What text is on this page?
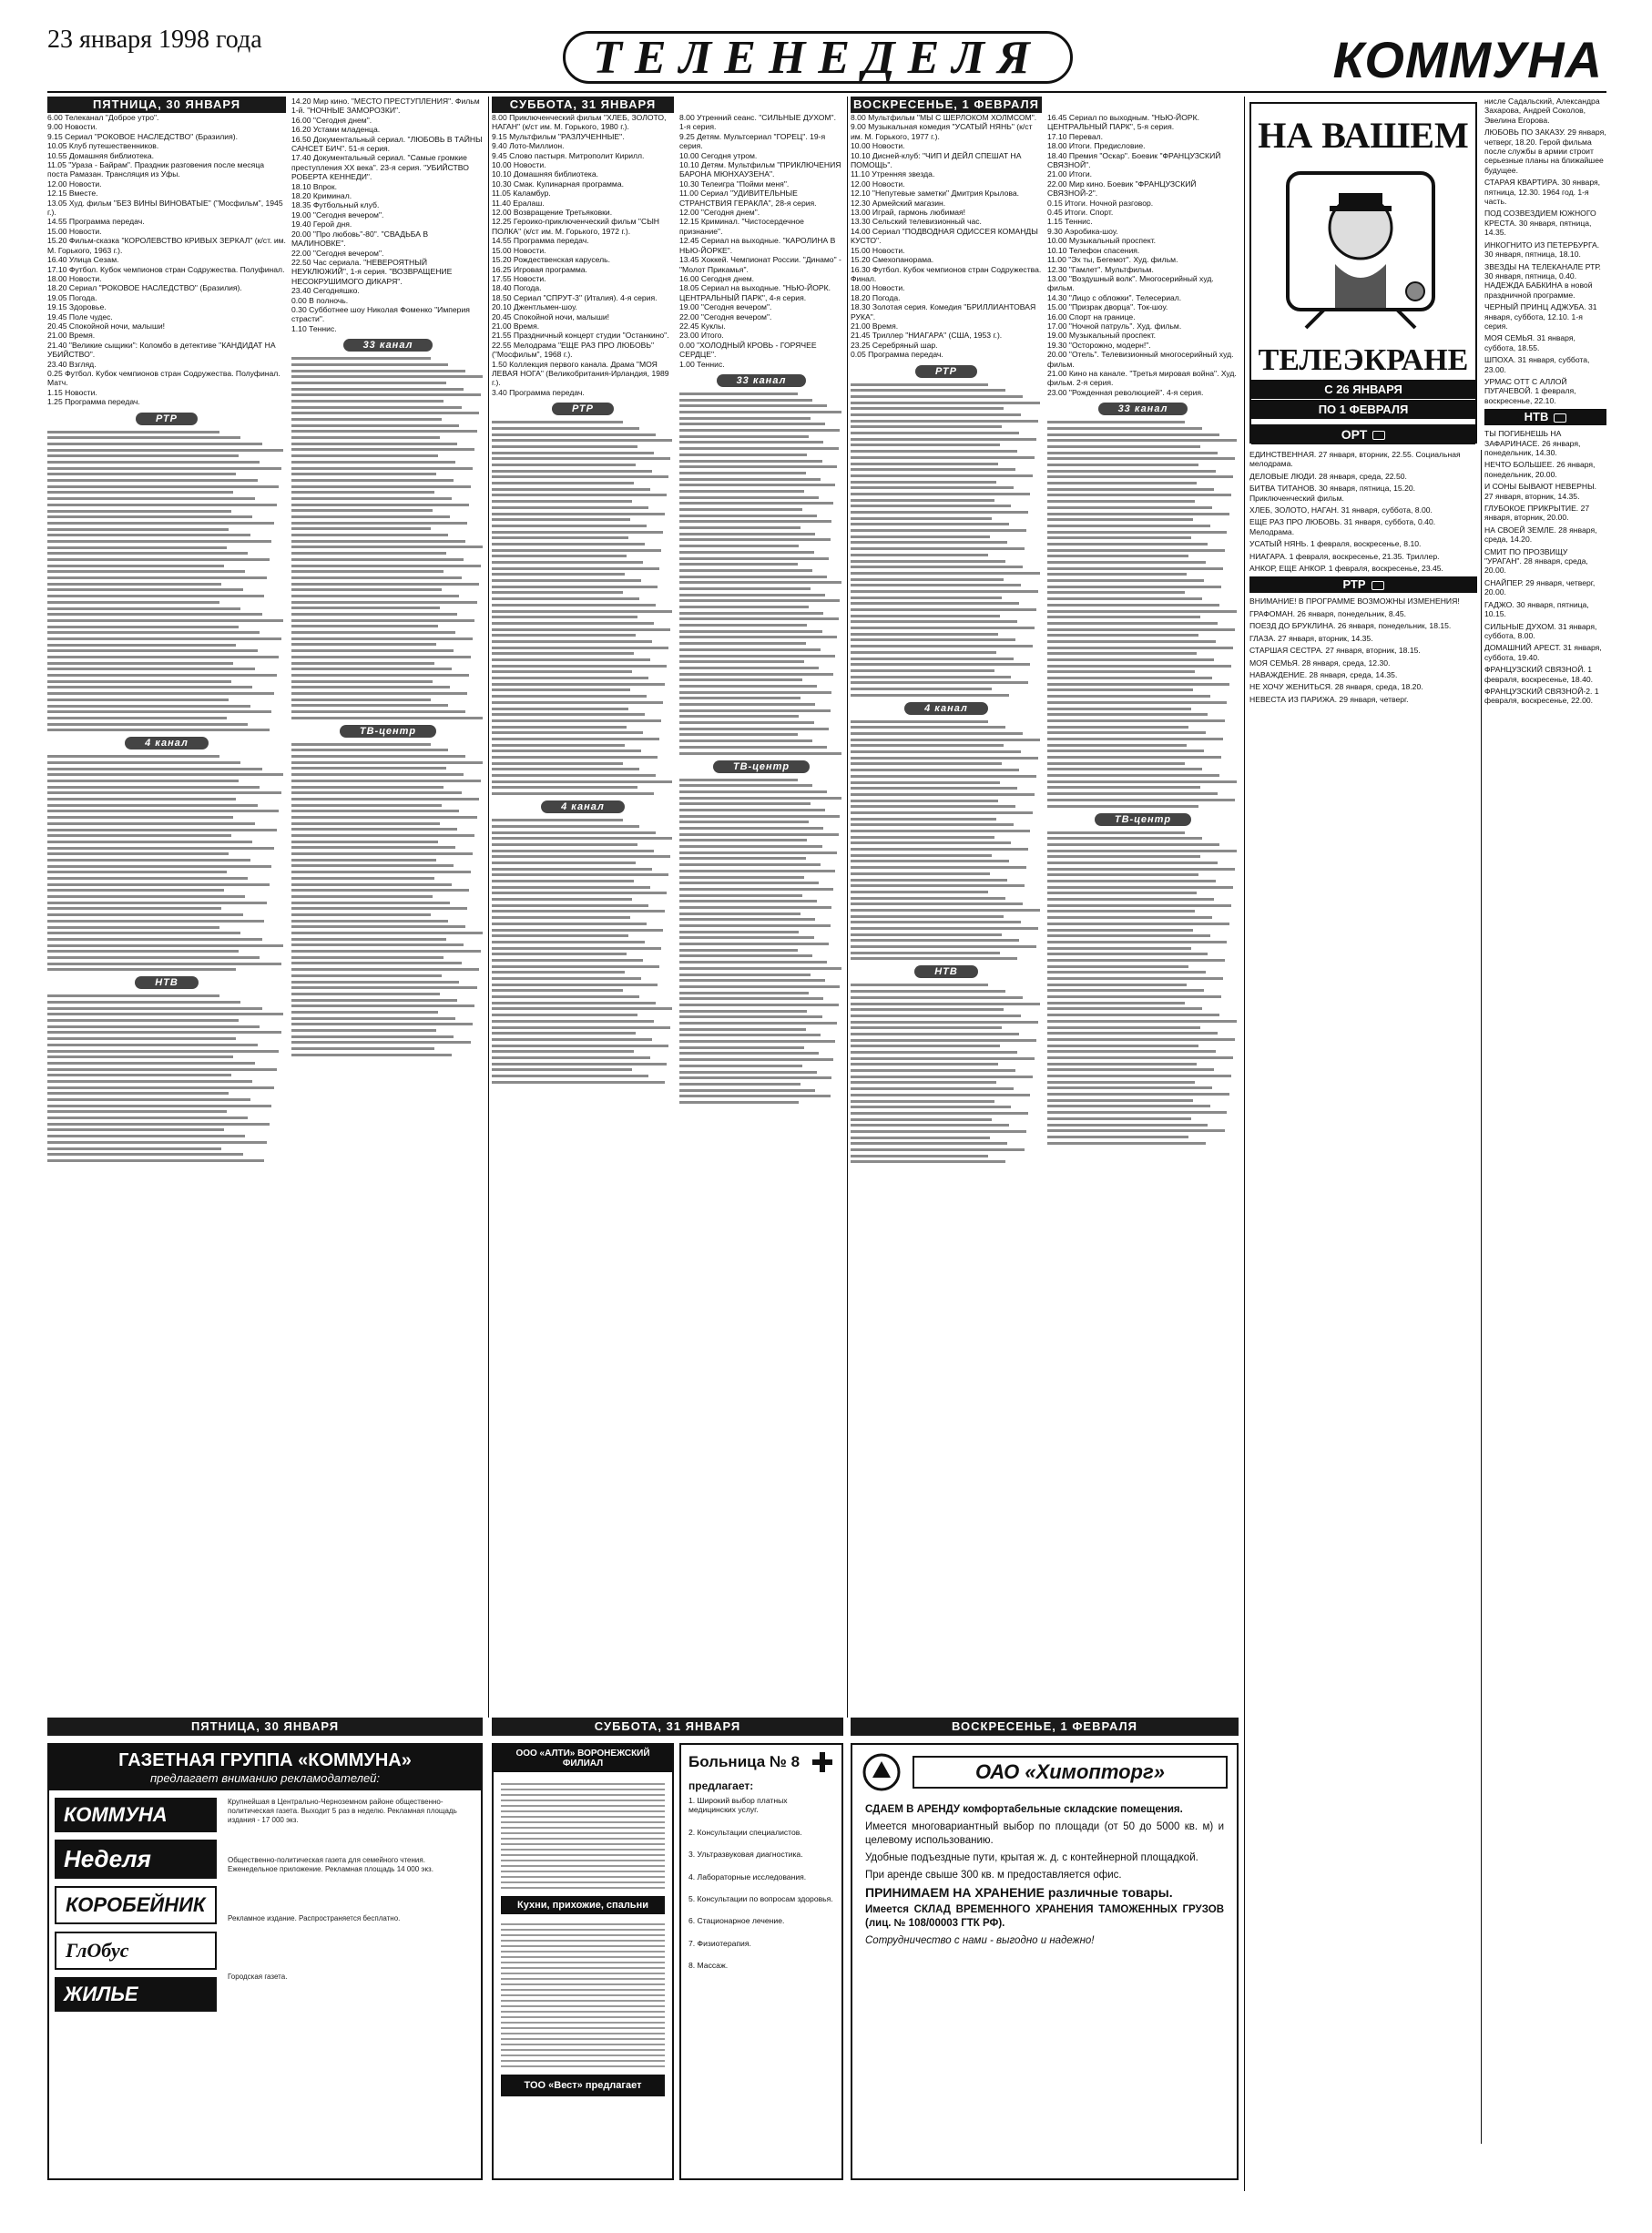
23 января 1998 года	ТЕЛЕНЕДЕЛЯ	КОММУНА
ПЯТНИЦА, 30 ЯНВАРЯ

6.00 Телеканал "Доброе утро".

9.00 Новости.

9.15 Сериал "РОКОВОЕ НАСЛЕДСТВО" (Бразилия).

10.05 Клуб путешественников.

10.55 Домашняя библиотека.

11.05 "Ураза - Байрам". Праздник разговения после месяца поста Рамазан. Трансляция из Уфы.

12.00 Новости.

12.15 Вместе.

13.05 Худ. фильм "БЕЗ ВИНЫ ВИНОВАТЫЕ" ("Мосфильм", 1945 г.).

14.55 Программа передач.

15.00 Новости.

15.20 Фильм-сказка "КОРОЛЕВСТВО КРИВЫХ ЗЕРКАЛ" (к/ст. им. М. Горького, 1963 г.).

16.40 Улица Сезам.

17.10 Футбол. Кубок чемпионов стран Содружества. Полуфинал.

18.00 Новости.

18.20 Сериал "РОКОВОЕ НАСЛЕДСТВО" (Бразилия).

19.05 Погода.

19.15 Здоровье.

19.45 Поле чудес.

20.45 Спокойной ночи, малыши!

21.00 Время.

21.40 "Великие сыщики": Коломбо в детективе "КАНДИДАТ НА УБИЙСТВО".

23.40 Взгляд.

0.25 Футбол. Кубок чемпионов стран Содружества. Полуфинал. Матч.

1.15 Новости.

1.25 Программа передач.

РТР
4 канал
НТВ

14.20 Мир кино. "МЕСТО ПРЕСТУПЛЕНИЯ". Фильм 1-й. "НОЧНЫЕ ЗАМОРОЗКИ".

16.00 "Сегодня днем".

16.20 Устами младенца.

16.50 Документальный сериал. "ЛЮБОВЬ В ТАЙНЫ САНСЕТ БИЧ". 51-я серия.

17.40 Документальный сериал. "Самые громкие преступления XX века". 23-я серия. "УБИЙСТВО РОБЕРТА КЕННЕДИ".

18.10 Впрок.

18.20 Криминал.

18.35 Футбольный клуб.

19.00 "Сегодня вечером".

19.40 Герой дня.

20.00 "Про любовь"-80". "СВАДЬБА В МАЛИНОВКЕ".

22.00 "Сегодня вечером".

22.50 Час сериала. "НЕВЕРОЯТНЫЙ НЕУКЛЮЖИЙ", 1-я серия. "ВОЗВРАЩЕНИЕ НЕСОКРУШИМОГО ДИКАРЯ".

23.40 Сегодняшко.

0.00 В полночь.

0.30 Субботнее шоу Николая Фоменко "Империя страсти".

1.10 Теннис.

33 канал
ТВ-центр
СУББОТА, 31 ЯНВАРЯ

8.00 Приключенческий фильм "ХЛЕБ, ЗОЛОТО, НАГАН" (к/ст им. М. Горького, 1980 г.).

9.15 Мультфильм "РАЗЛУЧЕННЫЕ".

9.40 Лото-Миллион.

9.45 Слово пастыря. Митрополит Кирилл.

10.00 Новости.

10.10 Домашняя библиотека.

10.30 Смак. Кулинарная программа.

11.05 Каламбур.

11.40 Ералаш.

12.00 Возвращение Третьяковки.

12.25 Героико-приключенческий фильм "СЫН ПОЛКА" (к/ст им. М. Горького, 1972 г.).

14.55 Программа передач.

15.00 Новости.

15.20 Рождественская карусель.

16.25 Игровая программа.

17.55 Новости.

18.40 Погода.

18.50 Сериал "СПРУТ-3" (Италия). 4-я серия.

20.10 Джентльмен-шоу.

20.45 Спокойной ночи, малыши!

21.00 Время.

21.55 Праздничный концерт студии "Останкино".

22.55 Мелодрама "ЕЩЕ РАЗ ПРО ЛЮБОВЬ" ("Мосфильм", 1968 г.).

1.50 Коллекция первого канала. Драма "МОЯ ЛЕВАЯ НОГА" (Великобритания-Ирландия, 1989 г.).

3.40 Программа передач.

РТР
4 канал

8.00 Утренний сеанс. "СИЛЬНЫЕ ДУХОМ". 1-я серия.

9.25 Детям. Мультсериал "ГОРЕЦ". 19-я серия.

10.00 Сегодня утром.

10.10 Детям. Мультфильм "ПРИКЛЮЧЕНИЯ БАРОНА МЮНХАУЗЕНА".

10.30 Телеигра "Пойми меня".

11.00 Сериал "УДИВИТЕЛЬНЫЕ СТРАНСТВИЯ ГЕРАКЛА", 28-я серия.

12.00 "Сегодня днем".

12.15 Криминал. "Чистосердечное признание".

12.45 Сериал на выходные. "КАРОЛИНА В НЬЮ-ЙОРКЕ".

13.45 Хоккей. Чемпионат России. "Динамо" - "Молот Прикамья".

16.00 Сегодня днем.

18.05 Сериал на выходные. "НЬЮ-ЙОРК. ЦЕНТРАЛЬНЫЙ ПАРК", 4-я серия.

19.00 "Сегодня вечером".

22.00 "Сегодня вечером".

22.45 Куклы.

23.00 Итого.

0.00 "ХОЛОДНЫЙ КРОВЬ - ГОРЯЧЕЕ СЕРДЦЕ".

1.00 Теннис.

33 канал
ТВ-центр
ВОСКРЕСЕНЬЕ, 1 ФЕВРАЛЯ

8.00 Мультфильм "МЫ С ШЕРЛОКОМ ХОЛМСОМ".

9.00 Музыкальная комедия "УСАТЫЙ НЯНЬ" (к/ст им. М. Горького, 1977 г.).

10.00 Новости.

10.10 Дисней-клуб: "ЧИП И ДЕЙЛ СПЕШАТ НА ПОМОЩЬ".

11.10 Утренняя звезда.

12.00 Новости.

12.10 "Непутевые заметки" Дмитрия Крылова.

12.30 Армейский магазин.

13.00 Играй, гармонь любимая!

13.30 Сельский телевизионный час.

14.00 Сериал "ПОДВОДНАЯ ОДИССЕЯ КОМАНДЫ КУСТО".

15.00 Новости.

15.20 Смехопанорама.

16.30 Футбол. Кубок чемпионов стран Содружества. Финал.

18.00 Новости.

18.20 Погода.

18.30 Золотая серия. Комедия "БРИЛЛИАНТОВАЯ РУКА".

21.00 Время.

21.45 Триллер "НИАГАРА" (США, 1953 г.).

23.25 Серебряный шар.

0.05 Программа передач.

РТР
4 канал
НТВ

16.45 Сериал по выходным. "НЬЮ-ЙОРК. ЦЕНТРАЛЬНЫЙ ПАРК", 5-я серия.

17.10 Перевал.

18.00 Итоги. Предисловие.

18.40 Премия "Оскар". Боевик "ФРАНЦУЗСКИЙ СВЯЗНОЙ".

21.00 Итоги.

22.00 Мир кино. Боевик "ФРАНЦУЗСКИЙ СВЯЗНОЙ-2".

0.15 Итоги. Ночной разговор.

0.45 Итоги. Спорт.

1.15 Теннис.

9.30 Аэробика-шоу.

10.00 Музыкальный проспект.

10.10 Телефон спасения.

11.00 "Эх ты, Бегемот". Худ. фильм.

12.30 "Гамлет". Мультфильм.

13.00 "Воздушный волк". Многосерийный худ. фильм.

14.30 "Лицо с обложки". Телесериал.

15.00 "Призрак дворца". Ток-шоу.

16.00 Спорт на границе.

17.00 "Ночной патруль". Худ. фильм.

19.00 Музыкальный проспект.

19.30 "Осторожно, модерн!".

20.00 "Отель". Телевизионный многосерийный худ. фильм.

21.00 Кино на канале. "Третья мировая война". Худ. фильм. 2-я серия.

23.00 "Рожденная революцией". 4-я серия.

33 канал
ТВ-центр
НА ВАШЕМ
ТЕЛЕЭКРАНЕ
С 26 ЯНВАРЯ
ПО 1 ФЕВРАЛЯ
ОРТ

ЕДИНСТВЕННАЯ. 27 января, вторник, 22.55. Социальная мелодрама.

ДЕЛОВЫЕ ЛЮДИ. 28 января, среда, 22.50.

БИТВА ТИТАНОВ. 30 января, пятница, 15.20. Приключенческий фильм.

ХЛЕБ, ЗОЛОТО, НАГАН. 31 января, суббота, 8.00.

ЕЩЕ РАЗ ПРО ЛЮБОВЬ. 31 января, суббота, 0.40. Мелодрама.

УСАТЫЙ НЯНЬ. 1 февраля, воскресенье, 8.10.

НИАГАРА. 1 февраля, воскресенье, 21.35. Триллер.

АНКОР, ЕЩЕ АНКОР. 1 февраля, воскресенье, 23.45.

РТР

ВНИМАНИЕ! В ПРОГРАММЕ ВОЗМОЖНЫ ИЗМЕНЕНИЯ!

ГРАФОМАН. 26 января, понедельник, 8.45.

ПОЕЗД ДО БРУКЛИНА. 26 января, понедельник, 18.15.

ГЛАЗА. 27 января, вторник, 14.35.

СТАРШАЯ СЕСТРА. 27 января, вторник, 18.15.

МОЯ СЕМЬЯ. 28 января, среда, 12.30.

НАВАЖДЕНИЕ. 28 января, среда, 14.35.

НЕ ХОЧУ ЖЕНИТЬСЯ. 28 января, среда, 18.20.

НЕВЕСТА ИЗ ПАРИЖА. 29 января, четверг.

нисле Садальский, Александра Захарова, Андрей Соколов, Эвелина Егорова.

ЛЮБОВЬ ПО ЗАКАЗУ. 29 января, четверг, 18.20. Герой фильма после службы в армии строит серьезные планы на ближайшее будущее.

СТАРАЯ КВАРТИРА. 30 января, пятница, 12.30. 1964 год. 1-я часть.

ПОД СОЗВЕЗДИЕМ ЮЖНОГО КРЕСТА. 30 января, пятница, 14.35.

ИНКОГНИТО ИЗ ПЕТЕРБУРГА. 30 января, пятница, 18.10.

ЗВЕЗДЫ НА ТЕЛЕКАНАЛЕ РТР. 30 января, пятница, 0.40. НАДЕЖДА БАБКИНА в новой праздничной программе.

ЧЕРНЫЙ ПРИНЦ АДЖУБА. 31 января, суббота, 12.10. 1-я серия.

МОЯ СЕМЬЯ. 31 января, суббота, 18.55.

ШПОХА. 31 января, суббота, 23.00.

УРМАС ОТТ С АЛЛОЙ ПУГАЧЕВОЙ. 1 февраля, воскресенье, 22.10.

НТВ

ТЫ ПОГИБНЕШЬ НА ЗАФАРИНАСЕ. 26 января, понедельник, 14.30.

НЕЧТО БОЛЬШЕЕ. 26 января, понедельник, 20.00.

И СОНЫ БЫВАЮТ НЕВЕРНЫ. 27 января, вторник, 14.35.

ГЛУБОКОЕ ПРИКРЫТИЕ. 27 января, вторник, 20.00.

НА СВОЕЙ ЗЕМЛЕ. 28 января, среда, 14.20.

СМИТ ПО ПРОЗВИЩУ "УРАГАН". 28 января, среда, 20.00.

СНАЙПЕР. 29 января, четверг, 20.00.

ГАДЖО. 30 января, пятница, 10.15.

СИЛЬНЫЕ ДУХОМ. 31 января, суббота, 8.00.

ДОМАШНИЙ АРЕСТ. 31 января, суббота, 19.40.

ФРАНЦУЗСКИЙ СВЯЗНОЙ. 1 февраля, воскресенье, 18.40.

ФРАНЦУЗСКИЙ СВЯЗНОЙ-2. 1 февраля, воскресенье, 22.00.

ПЯТНИЦА, 30 ЯНВАРЯ	СУББОТА, 31 ЯНВАРЯ	ВОСКРЕСЕНЬЕ, 1 ФЕВРАЛЯ
ГАЗЕТНАЯ ГРУППА «КОММУНА»
предлагает вниманию рекламодателей:
КОММУНА
Неделя
КОРОБЕЙНИК
ГлОбус
ЖИЛЬЕ
Крупнейшая в Центрально-Черноземном районе общественно-политическая газета. Выходит 5 раз в неделю. Рекламная площадь издания - 17 000 экз.
Общественно-политическая газета для семейного чтения. Еженедельное приложение. Рекламная площадь 14 000 экз.
Рекламное издание. Распространяется бесплатно.
Городская газета.
ООО «АЛТИ» ВОРОНЕЖСКИЙ ФИЛИАЛ
Кухни, прихожие, спальни
ТОО «Вест» предлагает
Больница № 8
предлагает:

1. Широкий выбор платных медицинских услуг.

2. Консультации специалистов.

3. Ультразвуковая диагностика.

4. Лабораторные исследования.

5. Консультации по вопросам здоровья.

6. Стационарное лечение.

7. Физиотерапия.

8. Массаж.

ОАО «Химопторг»

СДАЕМ В АРЕНДУ комфортабельные складские помещения.

Имеется многовариантный выбор по площади (от 50 до 5000 кв. м) и целевому использованию.

Удобные подъездные пути, крытая ж. д. с контейнерной площадкой.

При аренде свыше 300 кв. м предоставляется офис.

ПРИНИМАЕМ НА ХРАНЕНИЕ различные товары.

Имеется СКЛАД ВРЕМЕННОГО ХРАНЕНИЯ ТАМОЖЕННЫХ ГРУЗОВ (лиц. № 108/00003 ГТК РФ).

Сотрудничество с нами - выгодно и надежно!
